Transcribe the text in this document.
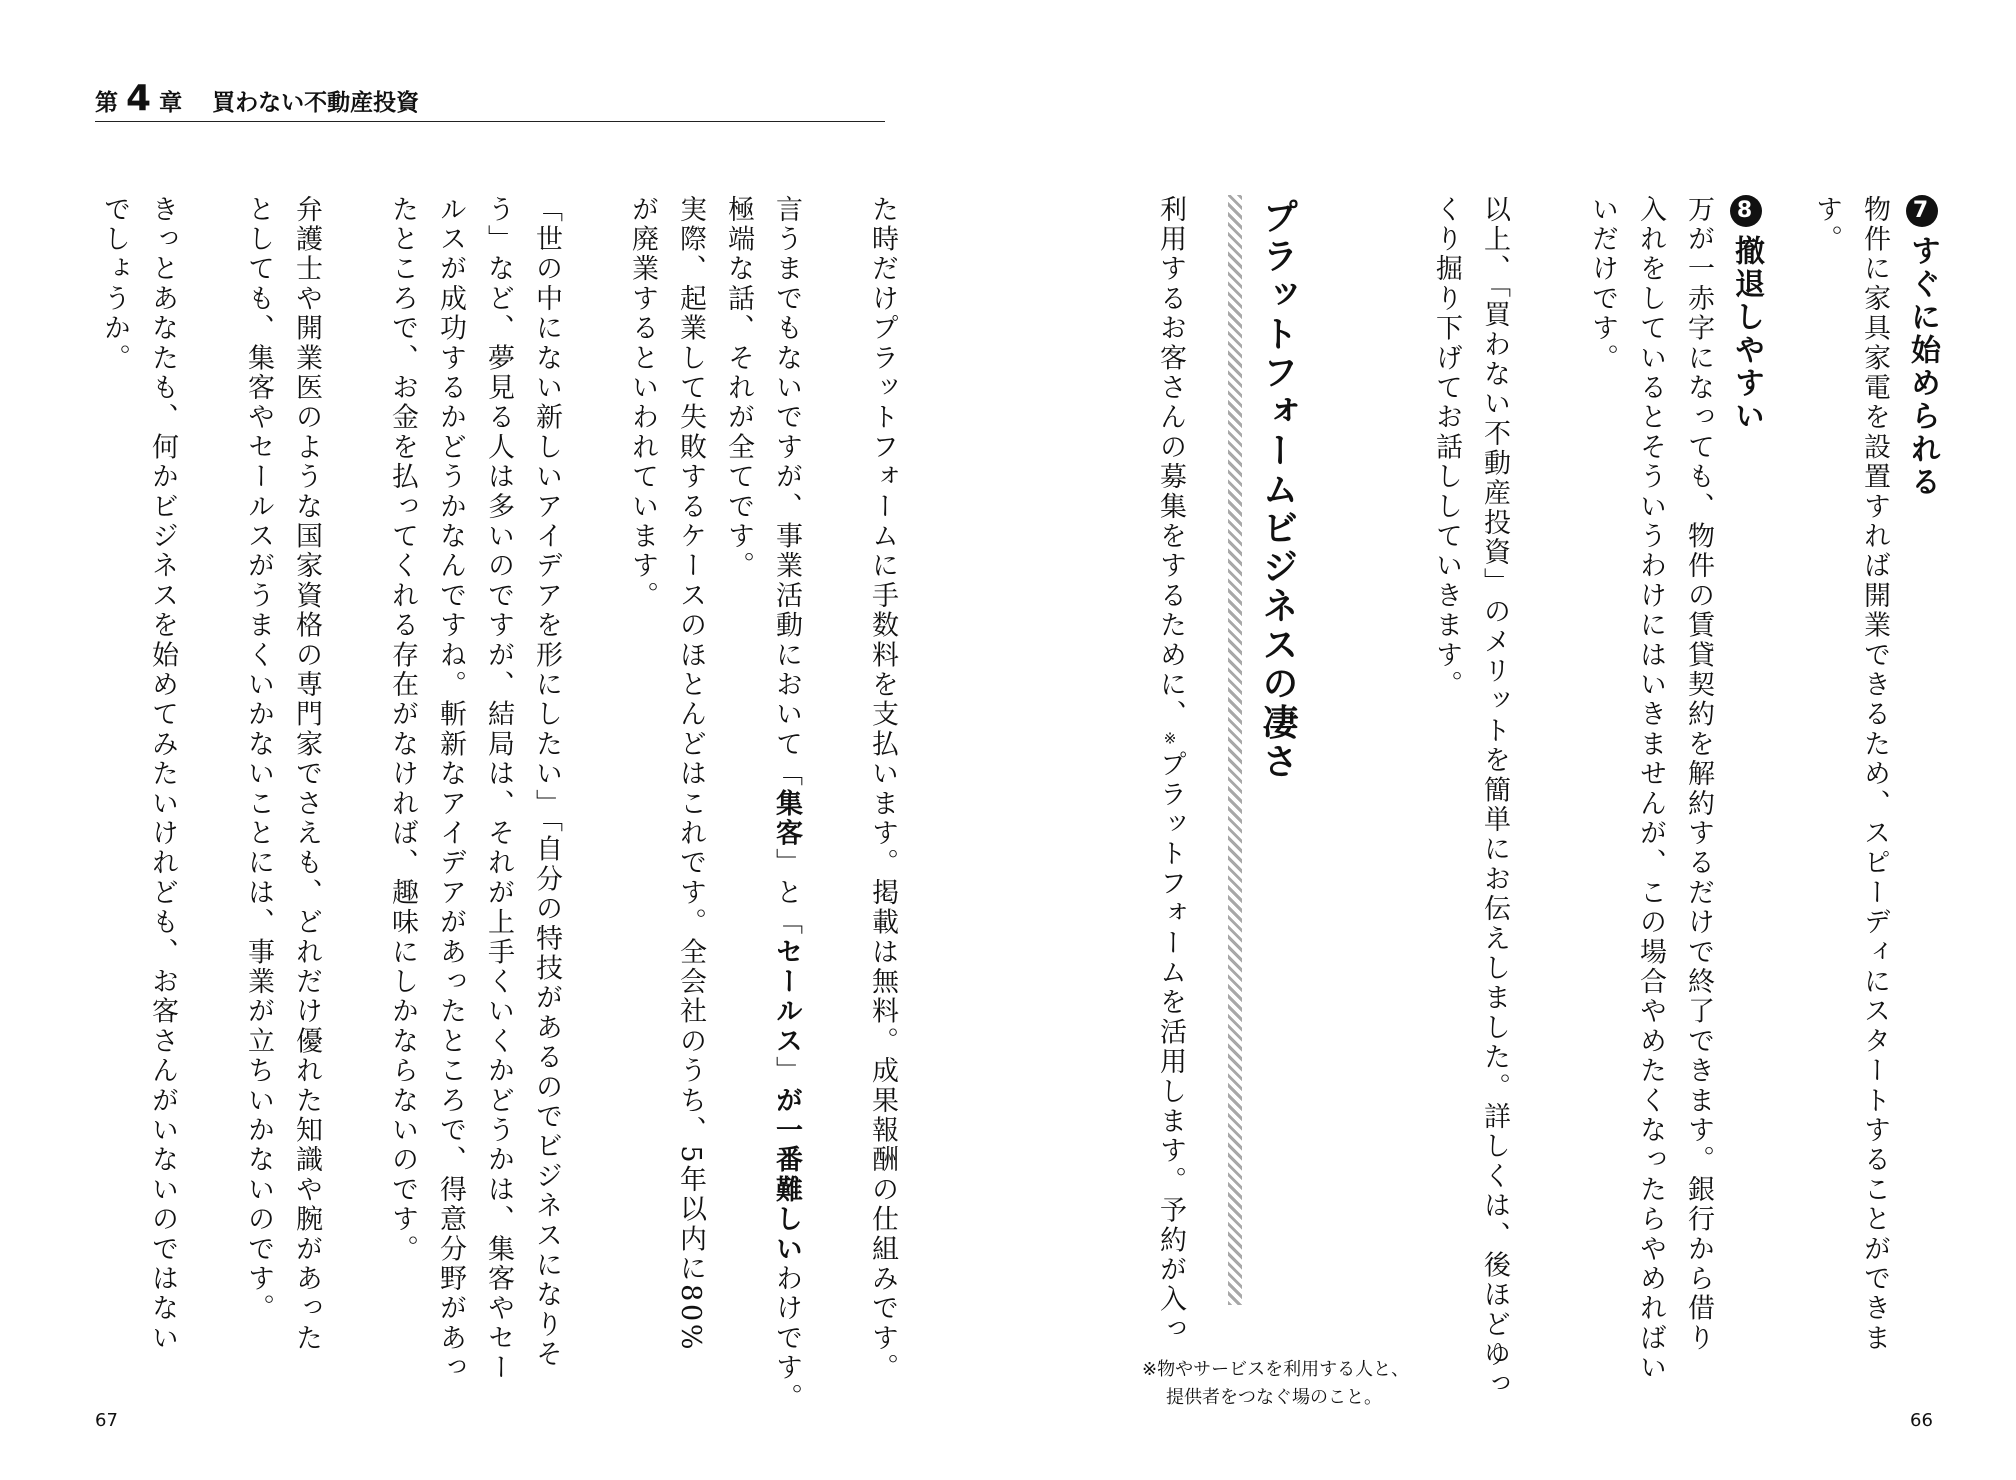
第 4 章 買わない不動産投資
7すぐに始められる
物件に家具家電を設置すれば開業できるため、スピーディにスタートすることができま
す。
8撤退しやすい
万が一赤字になっても、物件の賃貸契約を解約するだけで終了できます。銀行から借り
入れをしているとそういうわけにはいきませんが、この場合やめたくなったらやめればい
いだけです。
以上、「買わない不動産投資」のメリットを簡単にお伝えしました。詳しくは、後ほどゆっ
くり掘り下げてお話ししていきます。
プラットフォームビジネスの凄さ
利用するお客さんの募集をするために、※プラットフォームを活用します。予約が入っ
※物やサービスを利用する人と、
提供者をつなぐ場のこと。
た時だけプラットフォームに手数料を支払います。掲載は無料。成果報酬の仕組みです。
言うまでもないですが、事業活動において「集客」と「セールス」が一番難しいわけです。
極端な話、それが全てです。
実際、起業して失敗するケースのほとんどはこれです。全会社のうち、5年以内に80%
が廃業するといわれています。
「世の中にない新しいアイデアを形にしたい」「自分の特技があるのでビジネスになりそ
う」など、夢見る人は多いのですが、結局は、それが上手くいくかどうかは、集客やセー
ルスが成功するかどうかなんですね。斬新なアイデアがあったところで、得意分野があっ
たところで、お金を払ってくれる存在がなければ、趣味にしかならないのです。
弁護士や開業医のような国家資格の専門家でさえも、どれだけ優れた知識や腕があった
としても、集客やセールスがうまくいかないことには、事業が立ちいかないのです。
きっとあなたも、何かビジネスを始めてみたいけれども、お客さんがいないのではない
でしょうか。
67	66
